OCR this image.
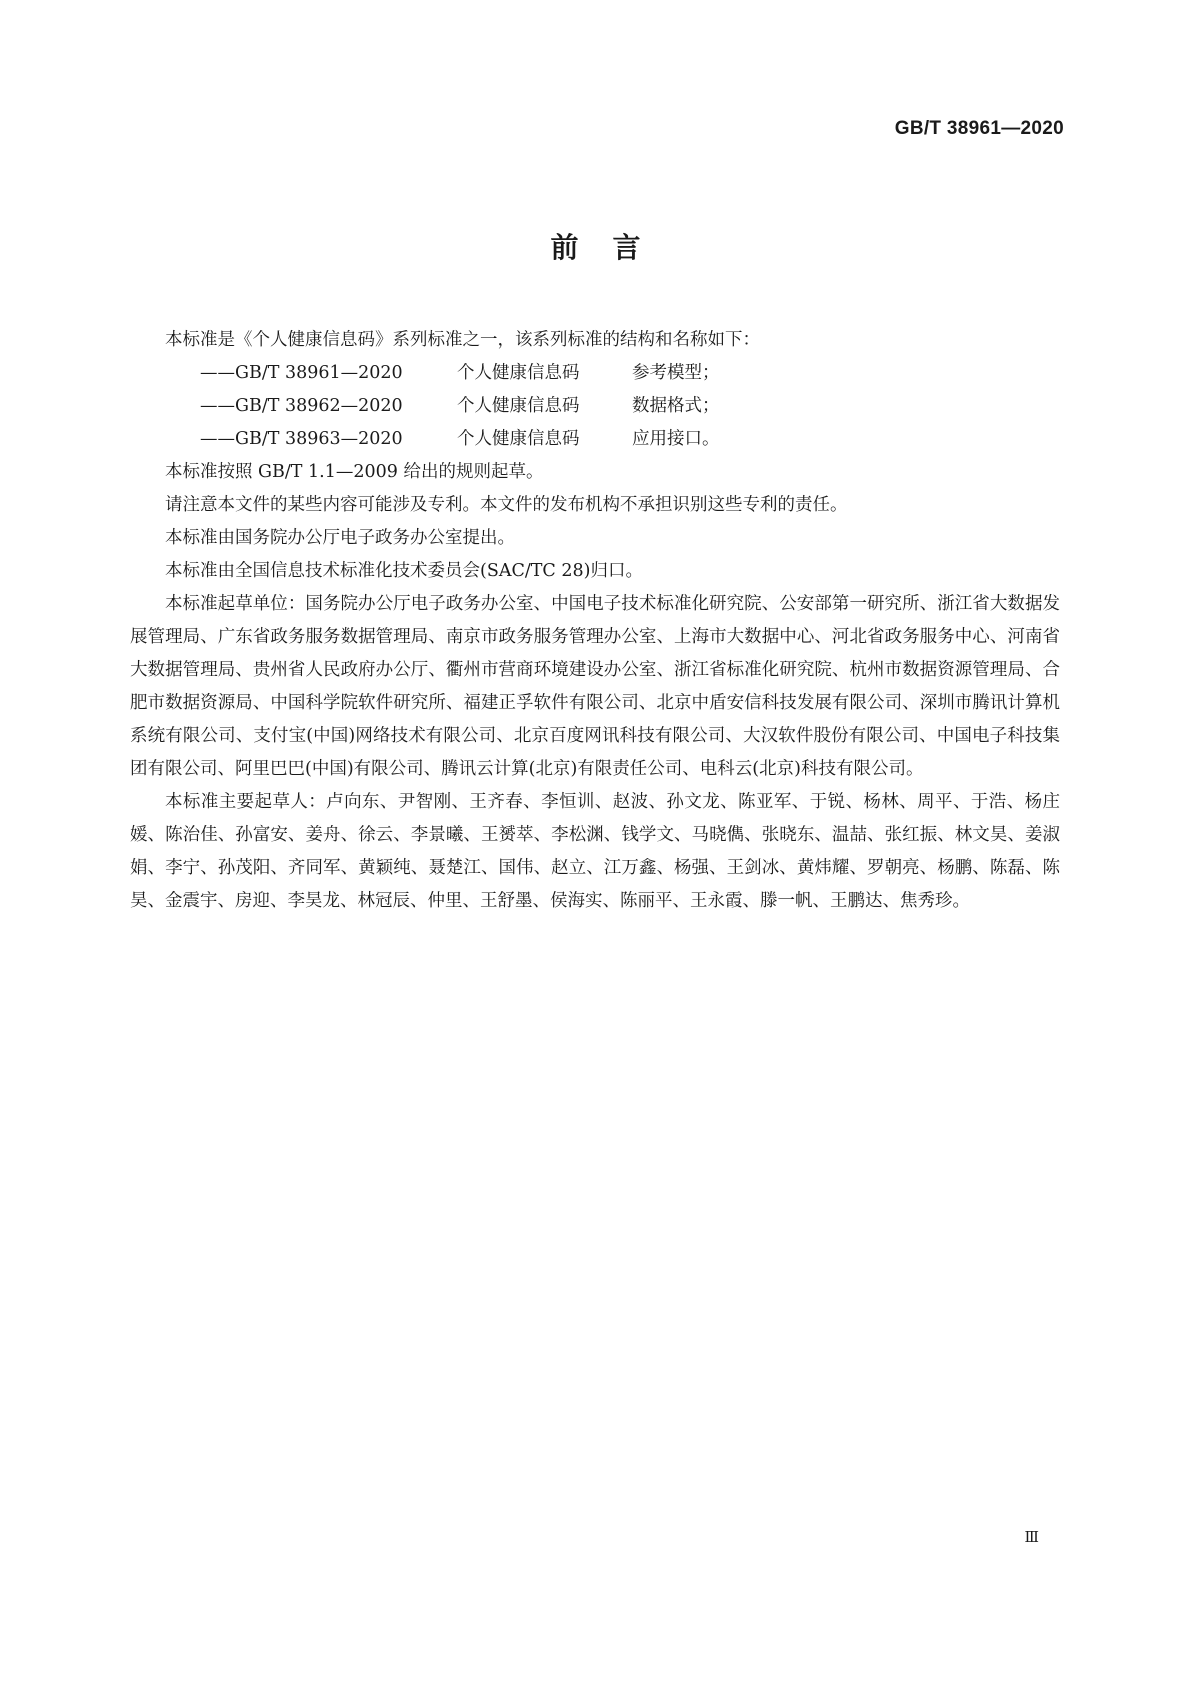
GB/T 38961—2020
前言

本标准是《个人健康信息码》系列标准之一，该系列标准的结构和名称如下：

——GB/T 38961—2020	个人健康信息码	参考模型；
——GB/T 38962—2020	个人健康信息码	数据格式；
——GB/T 38963—2020	个人健康信息码	应用接口。

本标准按照 GB/T 1.1—2009 给出的规则起草。

请注意本文件的某些内容可能涉及专利。本文件的发布机构不承担识别这些专利的责任。

本标准由国务院办公厅电子政务办公室提出。

本标准由全国信息技术标准化技术委员会(SAC/TC 28)归口。

本标准起草单位：国务院办公厅电子政务办公室、中国电子技术标准化研究院、公安部第一研究所、浙江省大数据发展管理局、广东省政务服务数据管理局、南京市政务服务管理办公室、上海市大数据中心、河北省政务服务中心、河南省大数据管理局、贵州省人民政府办公厅、衢州市营商环境建设办公室、浙江省标准化研究院、杭州市数据资源管理局、合肥市数据资源局、中国科学院软件研究所、福建正孚软件有限公司、北京中盾安信科技发展有限公司、深圳市腾讯计算机系统有限公司、支付宝(中国)网络技术有限公司、北京百度网讯科技有限公司、大汉软件股份有限公司、中国电子科技集团有限公司、阿里巴巴(中国)有限公司、腾讯云计算(北京)有限责任公司、电科云(北京)科技有限公司。

本标准主要起草人：卢向东、尹智刚、王齐春、李恒训、赵波、孙文龙、陈亚军、于锐、杨林、周平、于浩、杨庄媛、陈治佳、孙富安、姜舟、徐云、李景曦、王赟萃、李松渊、钱学文、马晓儁、张晓东、温喆、张红振、林文昊、姜淑娟、李宁、孙茂阳、齐同军、黄颖纯、聂楚江、国伟、赵立、江万鑫、杨强、王剑冰、黄炜耀、罗朝亮、杨鹏、陈磊、陈昊、金震宇、房迎、李昊龙、林冠辰、仲里、王舒墨、侯海实、陈丽平、王永霞、滕一帆、王鹏达、焦秀珍。

Ⅲ
